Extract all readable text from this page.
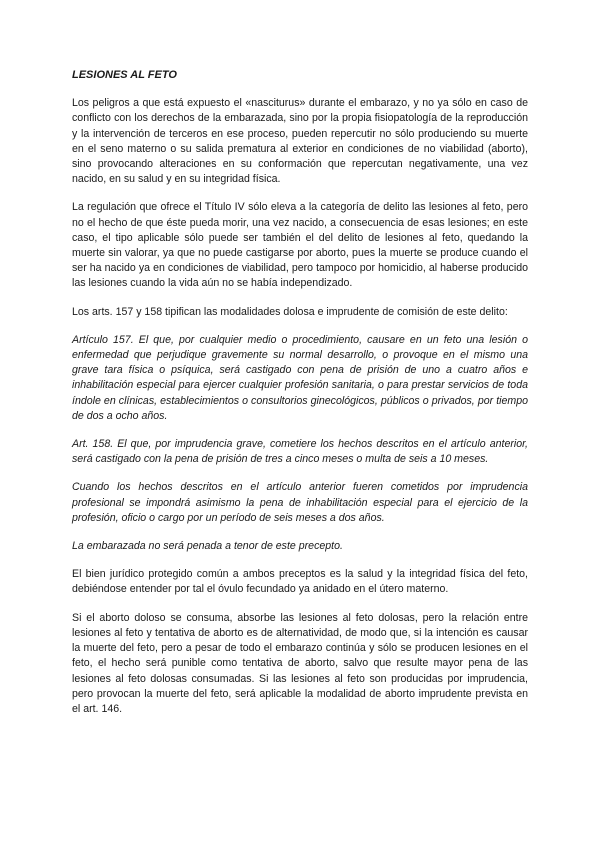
LESIONES AL FETO

Los peligros a que está expuesto el «nasciturus» durante el embarazo, y no ya sólo en caso de conflicto con los derechos de la embarazada, sino por la propia fisiopatología de la reproducción y la intervención de terceros en ese proceso, pueden repercutir no sólo produciendo su muerte en el seno materno o su salida prematura al exterior en condiciones de no viabilidad (aborto), sino provocando alteraciones en su conformación que repercutan negativamente, una vez nacido, en su salud y en su integridad física.

La regulación que ofrece el Título IV sólo eleva a la categoría de delito las lesiones al feto, pero no el hecho de que éste pueda morir, una vez nacido, a consecuencia de esas lesiones; en este caso, el tipo aplicable sólo puede ser también el del delito de lesiones al feto, quedando la muerte sin valorar, ya que no puede castigarse por aborto, pues la muerte se produce cuando el ser ha nacido ya en condiciones de viabilidad, pero tampoco por homicidio, al haberse producido las lesiones cuando la vida aún no se había independizado.

Los arts. 157 y 158 tipifican las modalidades dolosa e imprudente de comisión de este delito:

Artículo 157. El que, por cualquier medio o procedimiento, causare en un feto una lesión o enfermedad que perjudique gravemente su normal desarrollo, o provoque en el mismo una grave tara física o psíquica, será castigado con pena de prisión de uno a cuatro años e inhabilitación especial para ejercer cualquier profesión sanitaria, o para prestar servicios de toda índole en clínicas, establecimientos o consultorios ginecológicos, públicos o privados, por tiempo de dos a ocho años.

Art. 158. El que, por imprudencia grave, cometiere los hechos descritos en el artículo anterior, será castigado con la pena de prisión de tres a cinco meses o multa de seis a 10 meses.

Cuando los hechos descritos en el artículo anterior fueren cometidos por imprudencia profesional se impondrá asimismo la pena de inhabilitación especial para el ejercicio de la profesión, oficio o cargo por un período de seis meses a dos años.

La embarazada no será penada a tenor de este precepto.

El bien jurídico protegido común a ambos preceptos es la salud y la integridad física del feto, debiéndose entender por tal el óvulo fecundado ya anidado en el útero materno.

Si el aborto doloso se consuma, absorbe las lesiones al feto dolosas, pero la relación entre lesiones al feto y tentativa de aborto es de alternatividad, de modo que, si la intención es causar la muerte del feto, pero a pesar de todo el embarazo continúa y sólo se producen lesiones en el feto, el hecho será punible como tentativa de aborto, salvo que resulte mayor pena de las lesiones al feto dolosas consumadas. Si las lesiones al feto son producidas por imprudencia, pero provocan la muerte del feto, será aplicable la modalidad de aborto imprudente prevista en el art. 146.
